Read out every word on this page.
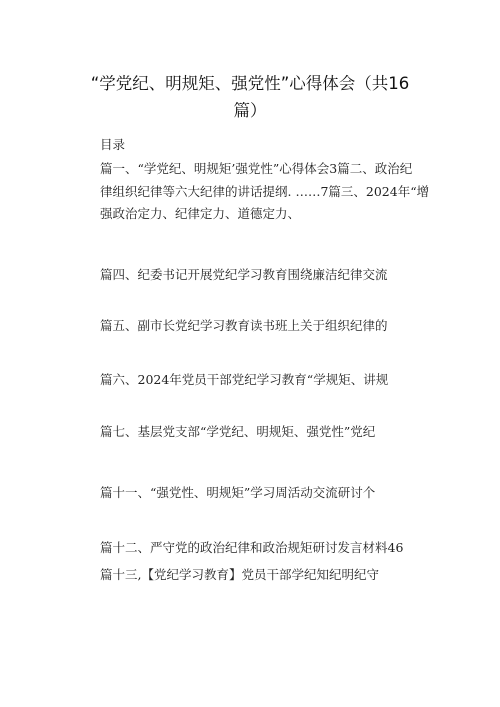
“学党纪、明规矩、强党性”心得体会（共16
篇）
目录
篇一、“学党纪、明规矩’强党性”心得体会3篇二、政治纪
律组织纪律等六大纪律的讲话提纲. ……7篇三、2024年“增
强政治定力、纪律定力、道德定力、
篇四、纪委书记开展党纪学习教育围绕廉洁纪律交流
篇五、副市长党纪学习教育读书班上关于组织纪律的
篇六、2024年党员干部党纪学习教育“学规矩、讲规
篇七、基层党支部“学党纪、明规矩、强党性”党纪
篇十一、“强党性、明规矩”学习周活动交流研讨个
篇十二、严守党的政治纪律和政治规矩研讨发言材料46
篇十三,【党纪学习教育】党员干部学纪知纪明纪守
